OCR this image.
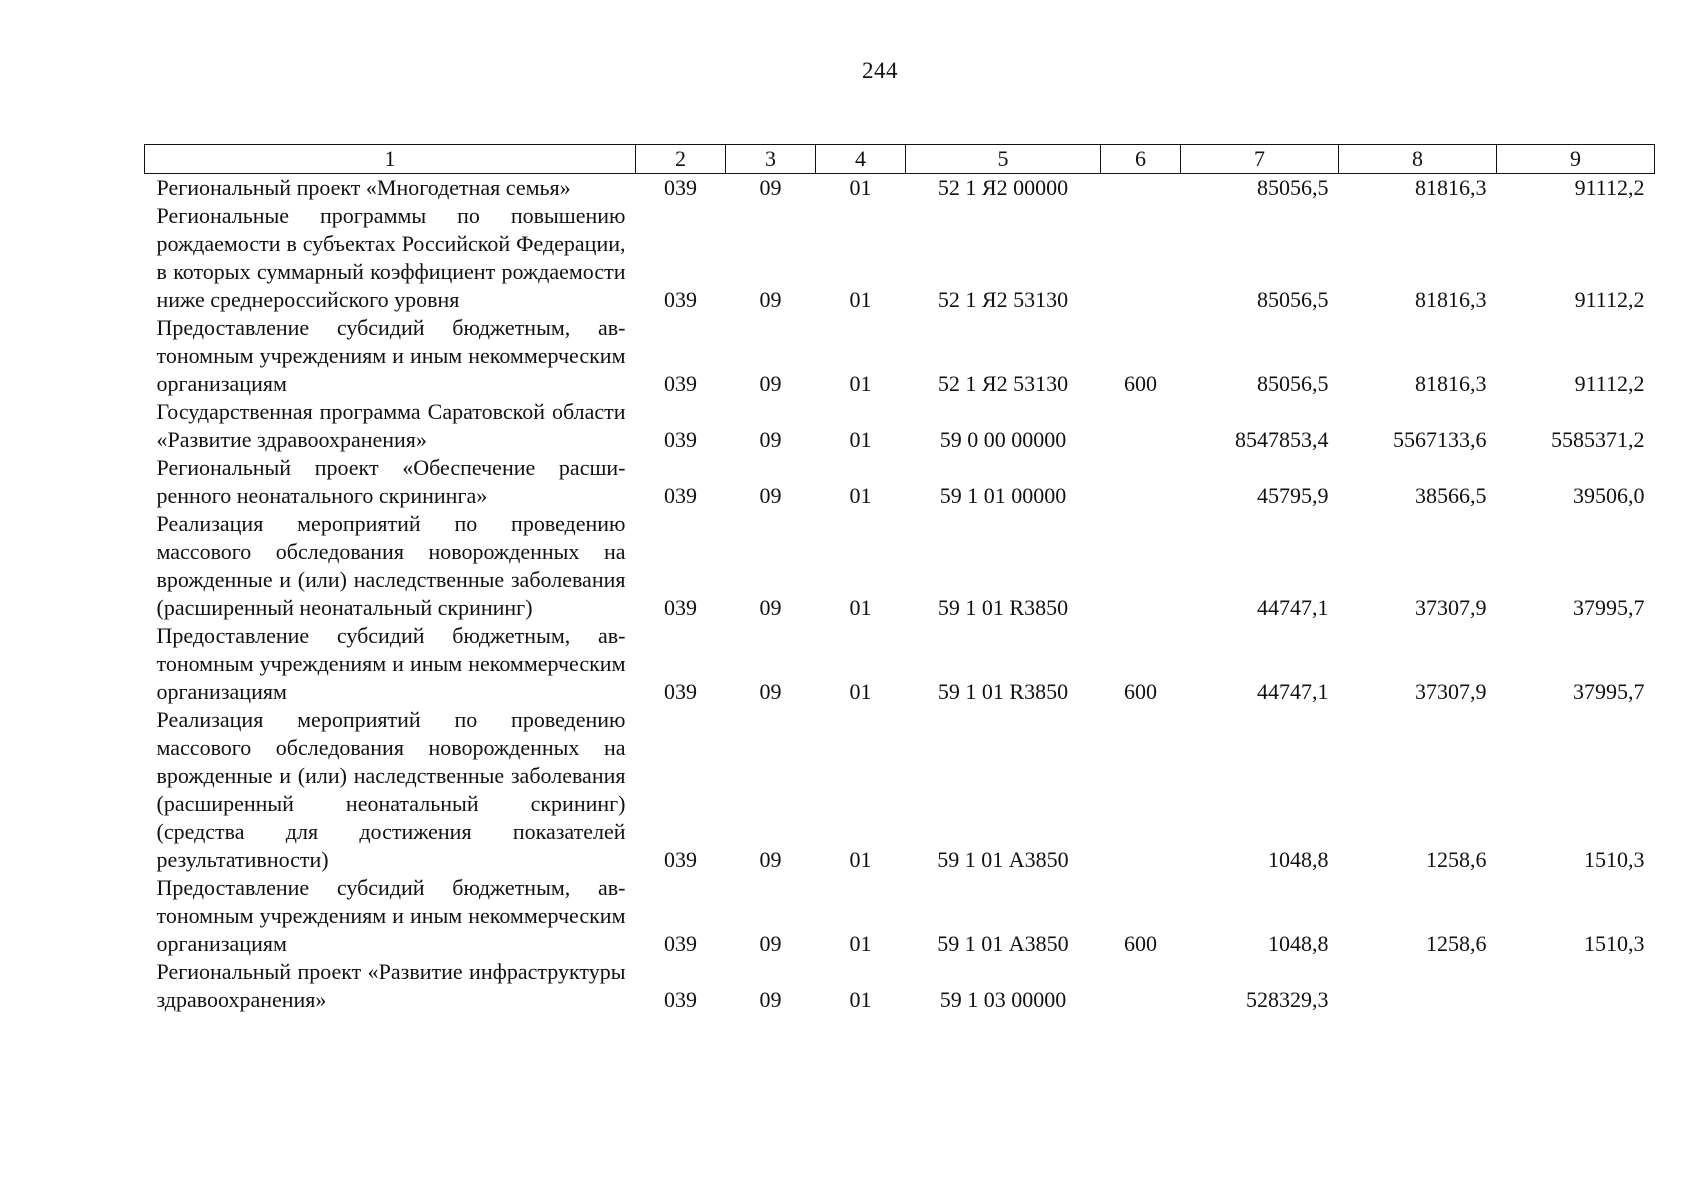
244
1	2	3	4	5	6	7	8	9
Региональный проект «Многодетная семья»	039	09	01	52 1 Я2 00000		85056,5	81816,3	91112,2
Региональные программы по повышению рождаемости в субъектах Российской Федерации, в которых суммарный коэффициент рождаемости ниже среднероссийского уровня	039	09	01	52 1 Я2 53130		85056,5	81816,3	91112,2
Предоставление субсидий бюджетным, автономным учреждениям и иным некоммерческим организациям	039	09	01	52 1 Я2 53130	600	85056,5	81816,3	91112,2
Государственная программа Саратовской области «Развитие здравоохранения»	039	09	01	59 0 00 00000		8547853,4	5567133,6	5585371,2
Региональный проект «Обеспечение расширенного неонатального скрининга»	039	09	01	59 1 01 00000		45795,9	38566,5	39506,0
Реализация мероприятий по проведению массового обследования новорожденных на врожденные и (или) наследственные заболевания (расширенный неонатальный скрининг)	039	09	01	59 1 01 R3850		44747,1	37307,9	37995,7
Предоставление субсидий бюджетным, автономным учреждениям и иным некоммерческим организациям	039	09	01	59 1 01 R3850	600	44747,1	37307,9	37995,7
Реализация мероприятий по проведению массового обследования новорожденных на врожденные и (или) наследственные заболевания (расширенный неонатальный скрининг) (средства для достижения показателей результативности)	039	09	01	59 1 01 А3850		1048,8	1258,6	1510,3
Предоставление субсидий бюджетным, автономным учреждениям и иным некоммерческим организациям	039	09	01	59 1 01 А3850	600	1048,8	1258,6	1510,3
Региональный проект «Развитие инфраструктуры здравоохранения»	039	09	01	59 1 03 00000		528329,3		
